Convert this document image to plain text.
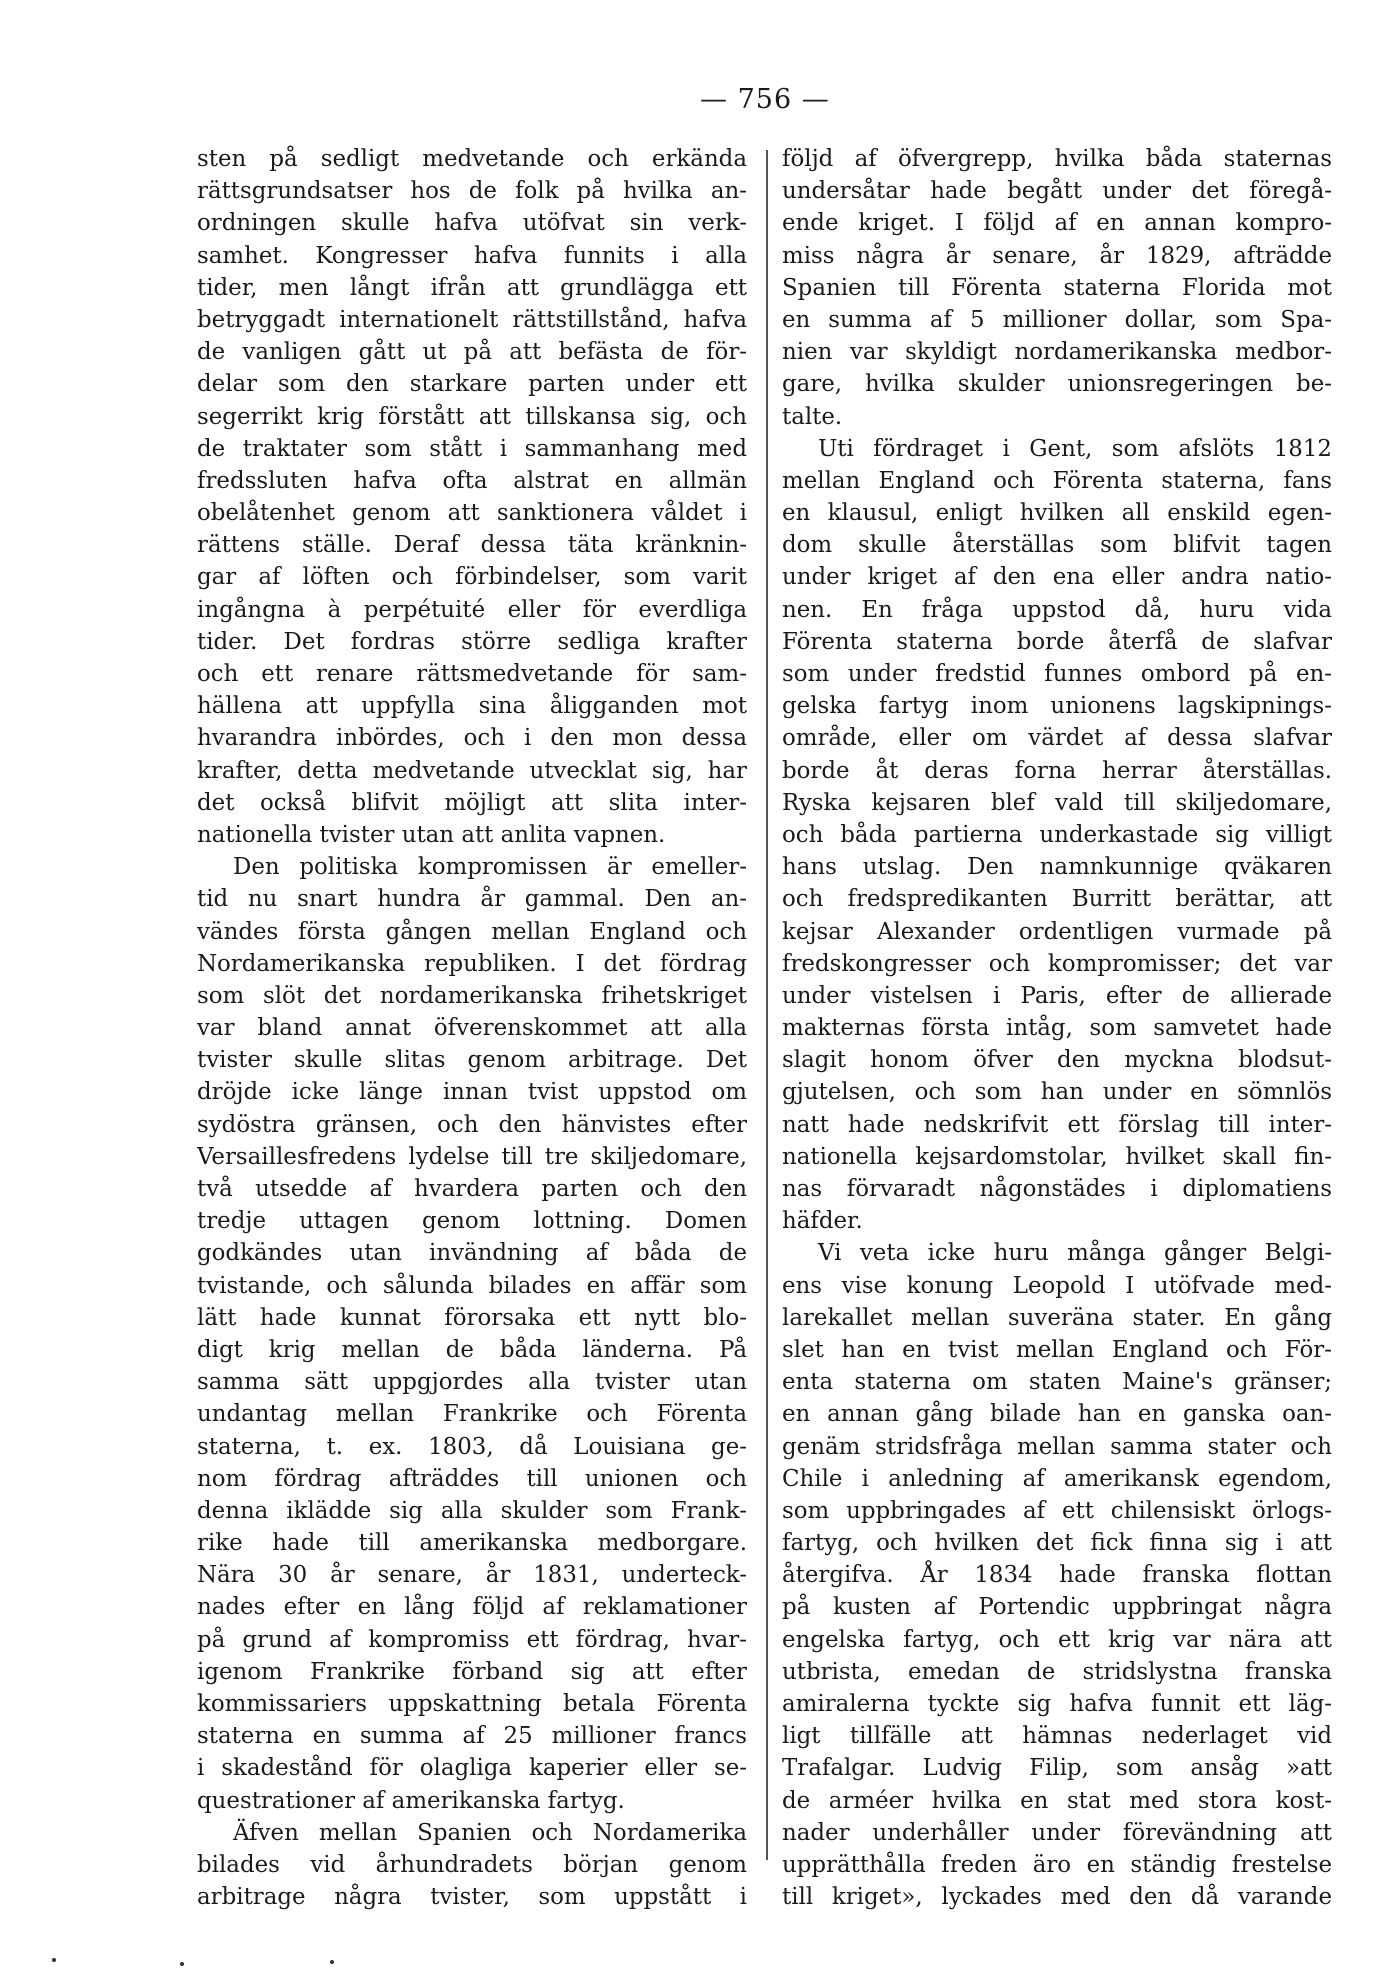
— 756 —
sten på sedligt medvetande och erkända
rättsgrundsatser hos de folk på hvilka an-
ordningen skulle hafva utöfvat sin verk-
samhet. Kongresser hafva funnits i alla
tider, men långt ifrån att grundlägga ett
betryggadt internationelt rättstillstånd, hafva
de vanligen gått ut på att befästa de för-
delar som den starkare parten under ett
segerrikt krig förstått att tillskansa sig, och
de traktater som stått i sammanhang med
fredssluten hafva ofta alstrat en allmän
obelåtenhet genom att sanktionera våldet i
rättens ställe. Deraf dessa täta kränknin-
gar af löften och förbindelser, som varit
ingångna à perpétuité eller för everdliga
tider. Det fordras större sedliga krafter
och ett renare rättsmedvetande för sam-
hällena att uppfylla sina åligganden mot
hvarandra inbördes, och i den mon dessa
krafter, detta medvetande utvecklat sig, har
det också blifvit möjligt att slita inter-
nationella tvister utan att anlita vapnen.
Den politiska kompromissen är emeller-
tid nu snart hundra år gammal. Den an-
vändes första gången mellan England och
Nordamerikanska republiken. I det fördrag
som slöt det nordamerikanska frihetskriget
var bland annat öfverenskommet att alla
tvister skulle slitas genom arbitrage. Det
dröjde icke länge innan tvist uppstod om
sydöstra gränsen, och den hänvistes efter
Versaillesfredens lydelse till tre skiljedomare,
två utsedde af hvardera parten och den
tredje uttagen genom lottning. Domen
godkändes utan invändning af båda de
tvistande, och sålunda bilades en affär som
lätt hade kunnat förorsaka ett nytt blo-
digt krig mellan de båda länderna. På
samma sätt uppgjordes alla tvister utan
undantag mellan Frankrike och Förenta
staterna, t. ex. 1803, då Louisiana ge-
nom fördrag afträddes till unionen och
denna iklädde sig alla skulder som Frank-
rike hade till amerikanska medborgare.
Nära 30 år senare, år 1831, underteck-
nades efter en lång följd af reklamationer
på grund af kompromiss ett fördrag, hvar-
igenom Frankrike förband sig att efter
kommissariers uppskattning betala Förenta
staterna en summa af 25 millioner francs
i skadestånd för olagliga kaperier eller se-
questrationer af amerikanska fartyg.
Äfven mellan Spanien och Nordamerika
bilades vid århundradets början genom
arbitrage några tvister, som uppstått i
följd af öfvergrepp, hvilka båda staternas
undersåtar hade begått under det föregå-
ende kriget. I följd af en annan kompro-
miss några år senare, år 1829, afträdde
Spanien till Förenta staterna Florida mot
en summa af 5 millioner dollar, som Spa-
nien var skyldigt nordamerikanska medbor-
gare, hvilka skulder unionsregeringen be-
talte.
Uti fördraget i Gent, som afslöts 1812
mellan England och Förenta staterna, fans
en klausul, enligt hvilken all enskild egen-
dom skulle återställas som blifvit tagen
under kriget af den ena eller andra natio-
nen. En fråga uppstod då, huru vida
Förenta staterna borde återfå de slafvar
som under fredstid funnes ombord på en-
gelska fartyg inom unionens lagskipnings-
område, eller om värdet af dessa slafvar
borde åt deras forna herrar återställas.
Ryska kejsaren blef vald till skiljedomare,
och båda partierna underkastade sig villigt
hans utslag. Den namnkunnige qväkaren
och fredspredikanten Burritt berättar, att
kejsar Alexander ordentligen vurmade på
fredskongresser och kompromisser; det var
under vistelsen i Paris, efter de allierade
makternas första intåg, som samvetet hade
slagit honom öfver den myckna blodsut-
gjutelsen, och som han under en sömnlös
natt hade nedskrifvit ett förslag till inter-
nationella kejsardomstolar, hvilket skall fin-
nas förvaradt någonstädes i diplomatiens
häfder.
Vi veta icke huru många gånger Belgi-
ens vise konung Leopold I utöfvade med-
larekallet mellan suveräna stater. En gång
slet han en tvist mellan England och För-
enta staterna om staten Maine's gränser;
en annan gång bilade han en ganska oan-
genäm stridsfråga mellan samma stater och
Chile i anledning af amerikansk egendom,
som uppbringades af ett chilensiskt örlogs-
fartyg, och hvilken det fick finna sig i att
återgifva. År 1834 hade franska flottan
på kusten af Portendic uppbringat några
engelska fartyg, och ett krig var nära att
utbrista, emedan de stridslystna franska
amiralerna tyckte sig hafva funnit ett läg-
ligt tillfälle att hämnas nederlaget vid
Trafalgar. Ludvig Filip, som ansåg »att
de arméer hvilka en stat med stora kost-
nader underhåller under förevändning att
upprätthålla freden äro en ständig frestelse
till kriget», lyckades med den då varande
